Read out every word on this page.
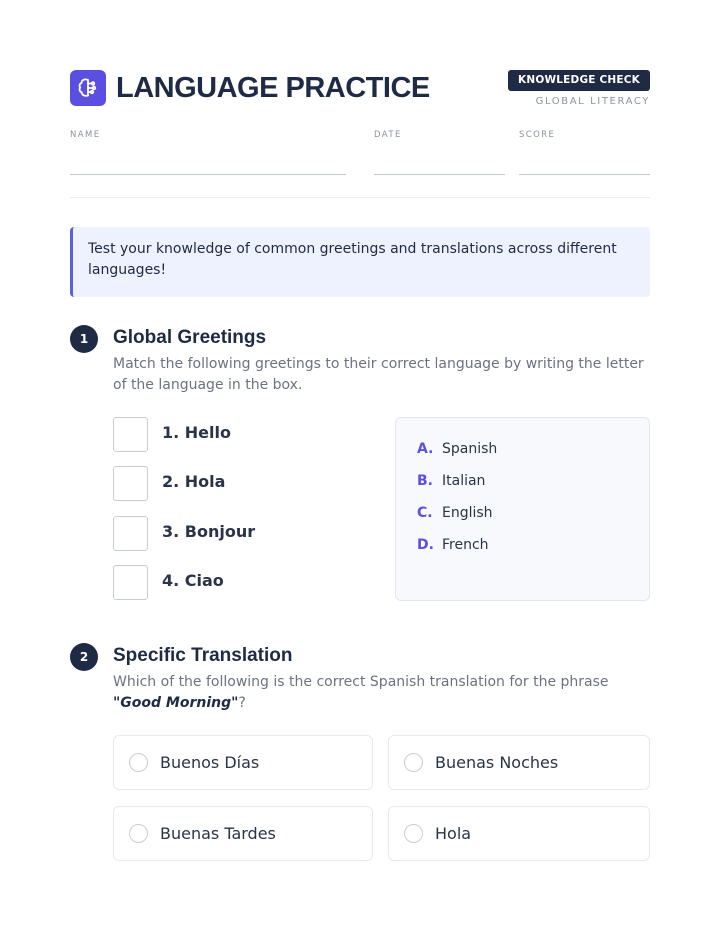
LANGUAGE PRACTICE	KNOWLEDGE CHECK
GLOBAL LITERACY
NAME	DATE	SCORE
Test your knowledge of common greetings and translations across different languages!
1	Global Greetings
Match the following greetings to their correct language by writing the letter of the language in the box.
1. Hello
2. Hola
3. Bonjour
4. Ciao
A. Spanish
B. Italian
C. English
D. French
2	Specific Translation
Which of the following is the correct Spanish translation for the phrase "Good Morning"?
Buenos Días	Buenas Noches
Buenas Tardes	Hola
